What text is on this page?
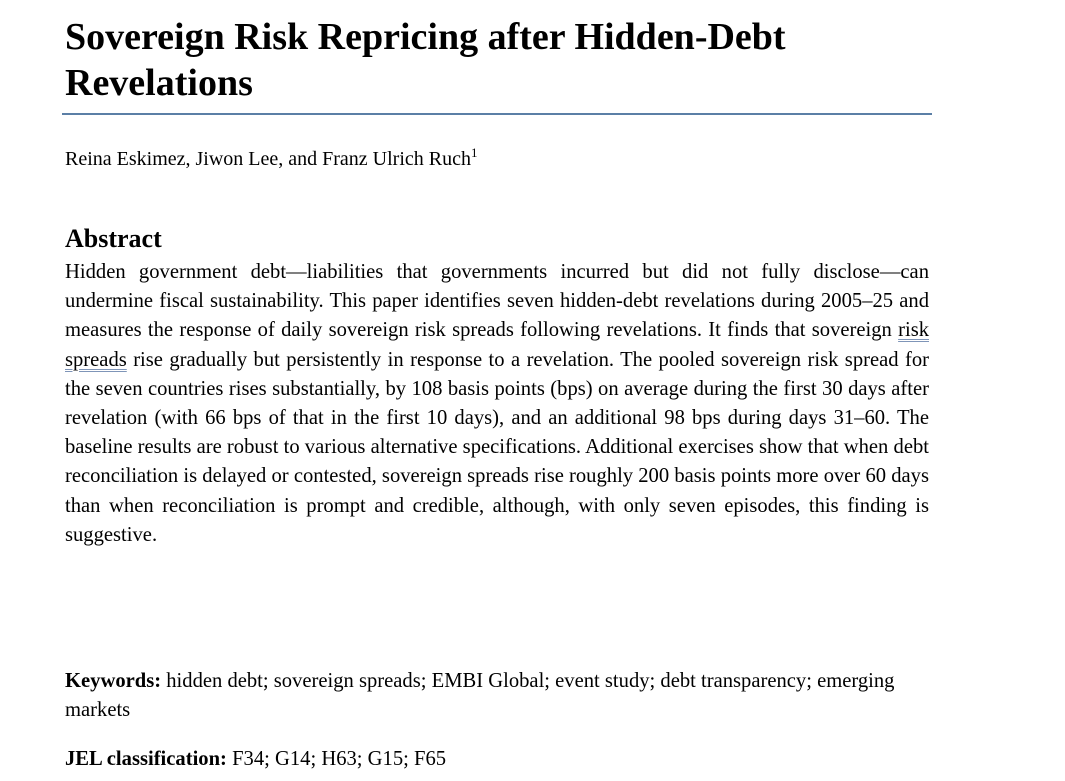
Sovereign Risk Repricing after Hidden-Debt Revelations
Reina Eskimez, Jiwon Lee, and Franz Ulrich Ruch$^1$
Abstract

Hidden government debt—liabilities that governments incurred but did not fully disclose—can undermine fiscal sustainability. This paper identifies seven hidden-debt revelations during 2005–25 and measures the response of daily sovereign risk spreads following revelations. It finds that sovereign risk spreads rise gradually but persistently in response to a revelation. The pooled sovereign risk spread for the seven countries rises substantially, by 108 basis points (bps) on average during the first 30 days after revelation (with 66 bps of that in the first 10 days), and an additional 98 bps during days 31–60. The baseline results are robust to various alternative specifications. Additional exercises show that when debt reconciliation is delayed or contested, sovereign spreads rise roughly 200 basis points more over 60 days than when reconciliation is prompt and credible, although, with only seven episodes, this finding is suggestive.

Keywords: hidden debt; sovereign spreads; EMBI Global; event study; debt transparency; emerging markets

JEL classification: F34; G14; H63; G15; F65
